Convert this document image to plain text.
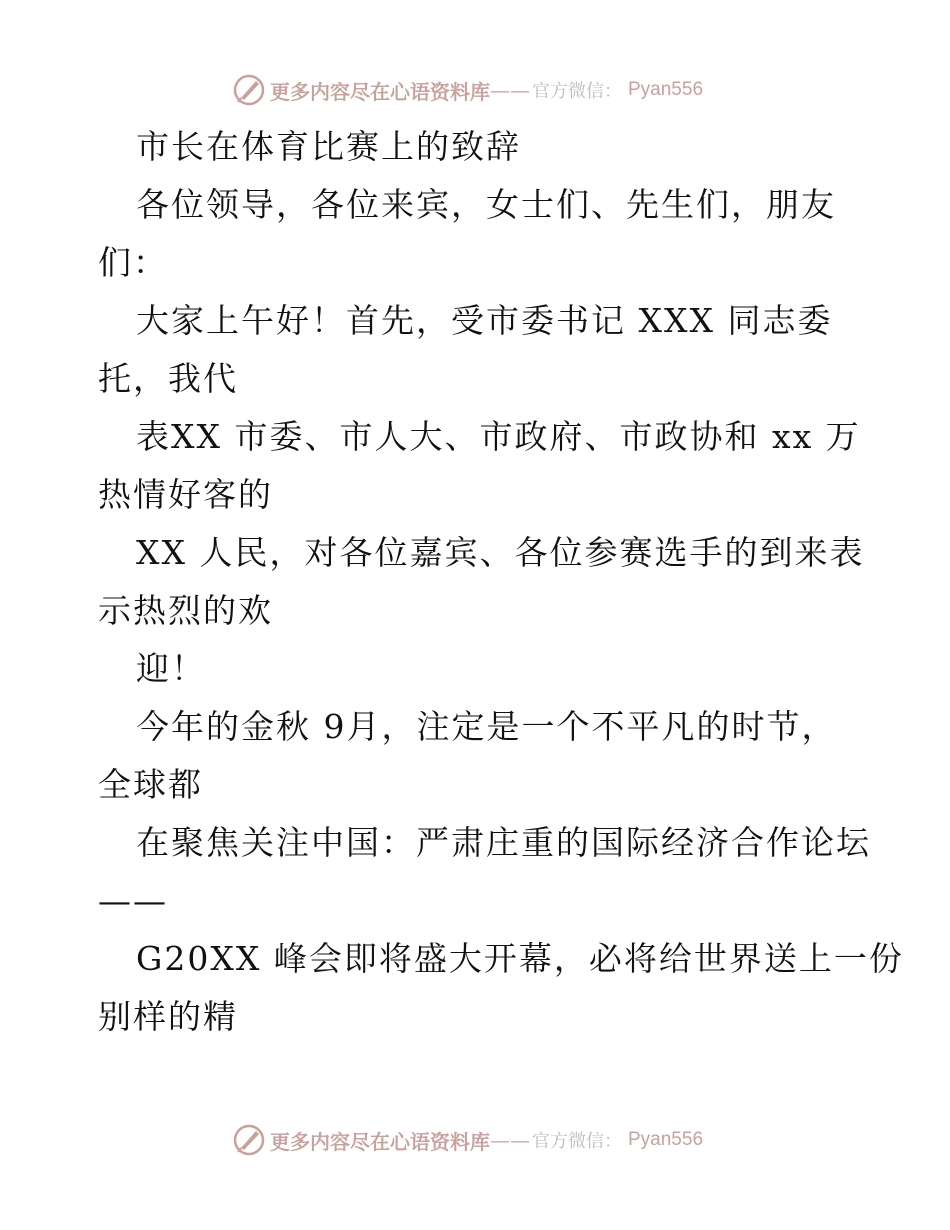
更多内容尽在心语资料库 —— 官方微信： Pyan556
市长在体育比赛上的致辞
各位领导，各位来宾，女士们、先生们，朋友
们：
大家上午好！首先，受市委书记 XXX 同志委
托，我代
表XX 市委、市人大、市政府、市政协和 xx 万
热情好客的
XX 人民，对各位嘉宾、各位参赛选手的到来表
示热烈的欢
迎！
今年的金秋 9月，注定是一个不平凡的时节，
全球都
在聚焦关注中国：严肃庄重的国际经济合作论坛
——
G20XX 峰会即将盛大开幕，必将给世界送上一份
别样的精
更多内容尽在心语资料库 —— 官方微信： Pyan556
